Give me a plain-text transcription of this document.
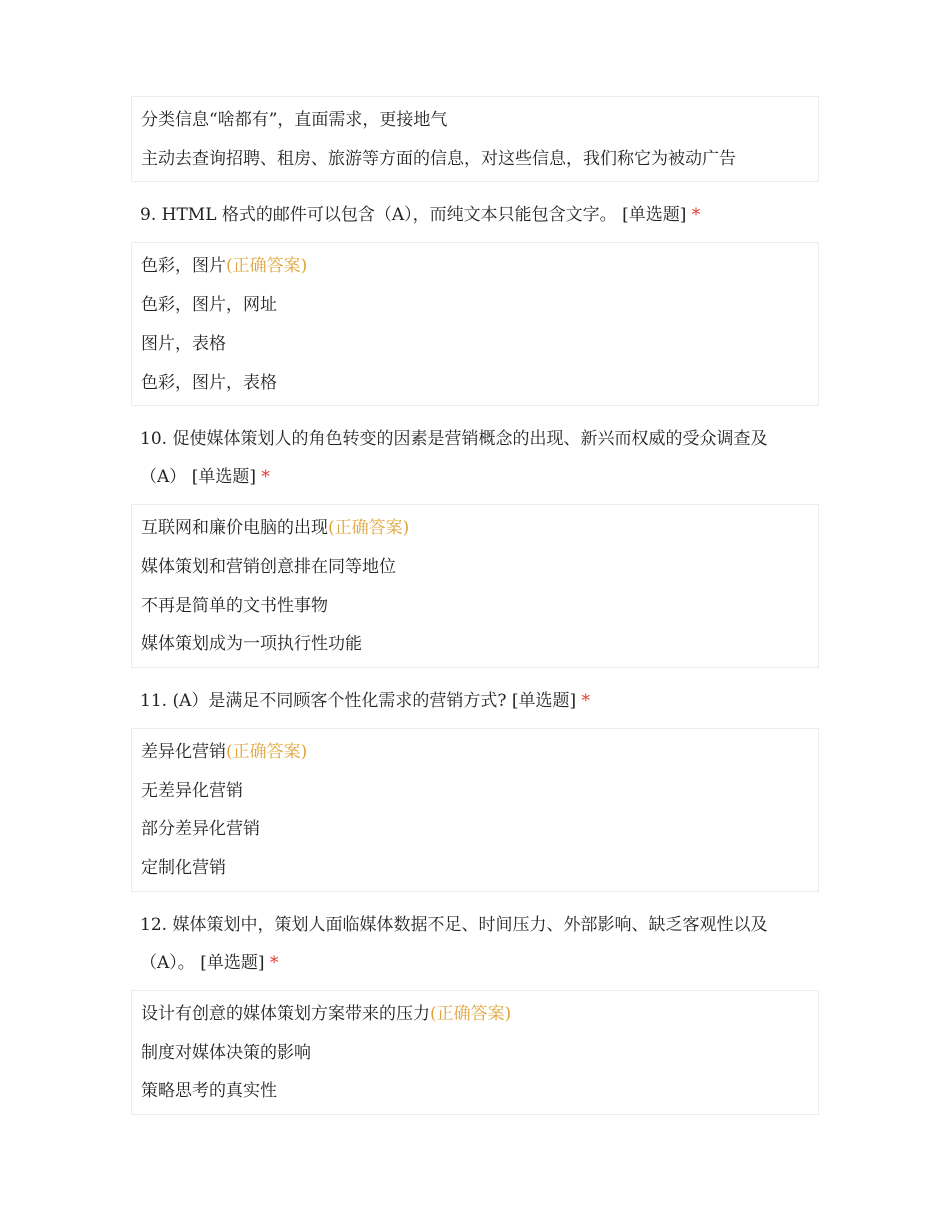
分类信息“啥都有”，直面需求，更接地气
主动去查询招聘、租房、旅游等方面的信息，对这些信息，我们称它为被动广告
9. HTML 格式的邮件可以包含（A），而纯文本只能包含文字。 [单选题] *
色彩，图片(正确答案)
色彩，图片，网址
图片，表格
色彩，图片，表格
10. 促使媒体策划人的角色转变的因素是营销概念的出现、新兴而权威的受众调查及（A） [单选题] *
互联网和廉价电脑的出现(正确答案)
媒体策划和营销创意排在同等地位
不再是简单的文书性事物
媒体策划成为一项执行性功能
11. (A）是满足不同顾客个性化需求的营销方式? [单选题] *
差异化营销(正确答案)
无差异化营销
部分差异化营销
定制化营销
12. 媒体策划中，策划人面临媒体数据不足、时间压力、外部影响、缺乏客观性以及（A）。 [单选题] *
设计有创意的媒体策划方案带来的压力(正确答案)
制度对媒体决策的影响
策略思考的真实性
